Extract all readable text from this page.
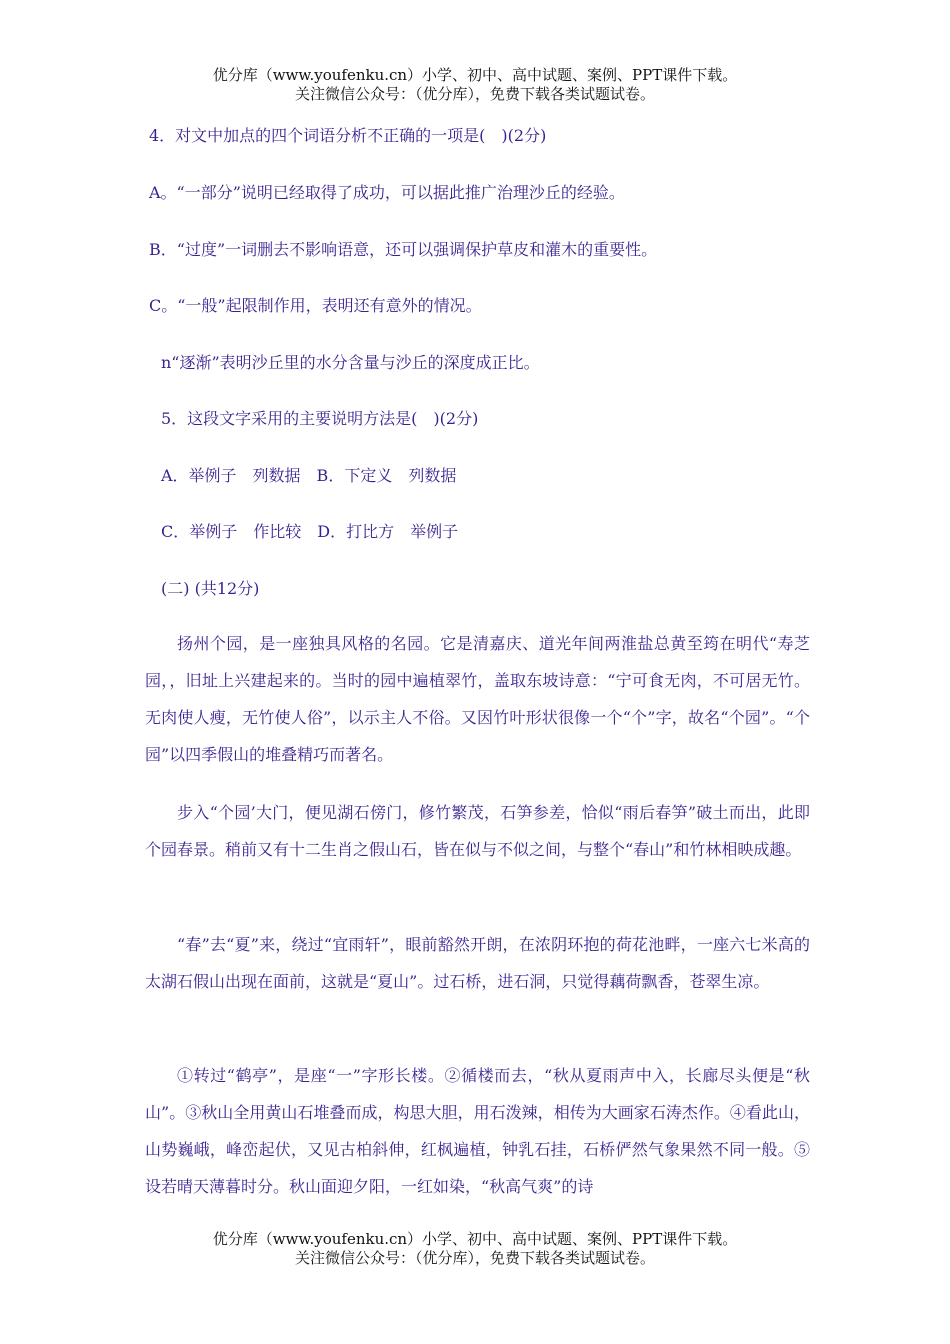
优分库（www.youfenku.cn）小学、初中、高中试题、案例、PPT课件下载。
关注微信公众号：（优分库），免费下载各类试题试卷。
4．对文中加点的四个词语分析不正确的一项是(　)(2分)
A。“一部分”说明已经取得了成功，可以据此推广治理沙丘的经验。
B．“过度”一词删去不影响语意，还可以强调保护草皮和灌木的重要性。
C。“一般”起限制作用，表明还有意外的情况。
n“逐渐”表明沙丘里的水分含量与沙丘的深度成正比。
5．这段文字采用的主要说明方法是(　)(2分)
A．举例子　列数据　B．下定义　列数据
C．举例子　作比较　D．打比方　举例子
(二) (共12分)
扬州个园，是一座独具风格的名园。它是清嘉庆、道光年间两淮盐总黄至筠在明代“寿芝园，，旧址上兴建起来的。当时的园中遍植翠竹，盖取东坡诗意：“宁可食无肉，不可居无竹。无肉使人瘦，无竹使人俗”，以示主人不俗。又因竹叶形状很像一个“个”字，故名“个园”。“个园”以四季假山的堆叠精巧而著名。
步入“个园’大门，便见湖石傍门，修竹繁茂，石笋参差，恰似“雨后春笋”破土而出，此即个园春景。稍前又有十二生肖之假山石，皆在似与不似之间，与整个“春山”和竹林相映成趣。
“春”去“夏”来，绕过“宜雨轩”，眼前豁然开朗，在浓阴环抱的荷花池畔，一座六七米高的太湖石假山出现在面前，这就是“夏山”。过石桥，进石洞，只觉得藕荷飘香，苍翠生凉。
①转过“鹤亭”，是座“一”字形长楼。②循楼而去，“秋从夏雨声中入，长廊尽头便是“秋山”。③秋山全用黄山石堆叠而成，构思大胆，用石泼辣，相传为大画家石涛杰作。④看此山，山势巍峨，峰峦起伏，又见古柏斜伸，红枫遍植，钟乳石挂，石桥俨然气象果然不同一般。⑤设若晴天薄暮时分。秋山面迎夕阳，一红如染，“秋高气爽”的诗
优分库（www.youfenku.cn）小学、初中、高中试题、案例、PPT课件下载。
关注微信公众号：（优分库），免费下载各类试题试卷。
